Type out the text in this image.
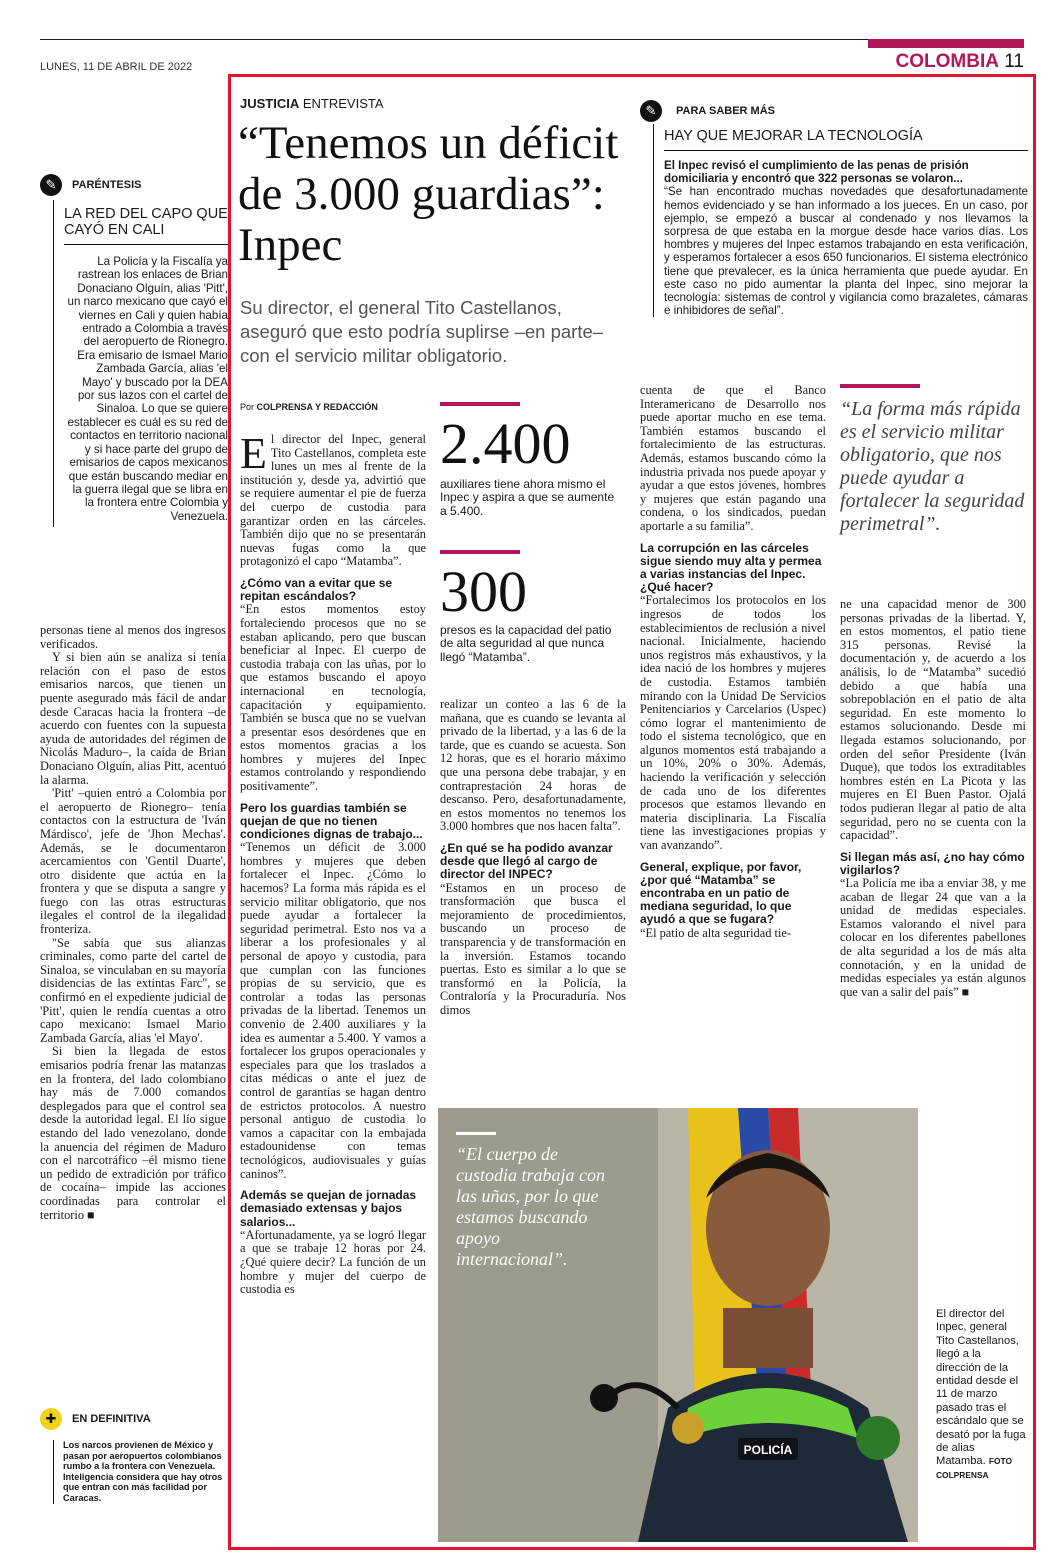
LUNES, 11 DE ABRIL DE 2022	COLOMBIA 11
✎	PARÉNTESIS
LA RED DEL CAPO QUE CAYÓ EN CALI
La Policía y la Fiscalía ya rastrean los enlaces de Brian Donaciano Olguín, alias 'Pitt', un narco mexicano que cayó el viernes en Cali y quien había entrado a Colombia a través del aeropuerto de Rionegro. Era emisario de Ismael Mario Zambada García, alias 'el Mayo' y buscado por la DEA por sus lazos con el cartel de Sinaloa. Lo que se quiere establecer es cuál es su red de contactos en territorio nacional y si hace parte del grupo de emisarios de capos mexicanos que están buscando mediar en la guerra ilegal que se libra en la frontera entre Colombia y Venezuela.

personas tiene al menos dos ingresos verificados.

Y si bien aún se analiza si tenía relación con el paso de estos emisarios narcos, que tienen un puente asegurado más fácil de andar desde Caracas hacia la frontera –de acuerdo con fuentes con la supuesta ayuda de autoridades del régimen de Nicolás Maduro–, la caída de Brian Donaciano Olguín, alias Pitt, acentuó la alarma.

'Pitt' –quien entró a Colombia por el aeropuerto de Rionegro– tenía contactos con la estructura de 'Iván Márdisco', jefe de 'Jhon Mechas'. Además, se le documentaron acercamientos con 'Gentil Duarte', otro disidente que actúa en la frontera y que se disputa a sangre y fuego con las otras estructuras ilegales el control de la ilegalidad fronteriza.

"Se sabía que sus alianzas criminales, como parte del cartel de Sinaloa, se vinculaban en su mayoría disidencias de las extintas Farc", se confirmó en el expediente judicial de 'Pitt', quien le rendía cuentas a otro capo mexicano: Ismael Mario Zambada García, alias 'el Mayo'.

Si bien la llegada de estos emisarios podría frenar las matanzas en la frontera, del lado colombiano hay más de 7.000 comandos desplegados para que el control sea desde la autoridad legal. El lío sigue estando del lado venezolano, donde la anuencia del régimen de Maduro con el narcotráfico –él mismo tiene un pedido de extradición por tráfico de cocaína– impide las acciones coordinadas para controlar el territorio ■

✚	EN DEFINITIVA
Los narcos provienen de México y pasan por aeropuertos colombianos rumbo a la frontera con Venezuela. Inteligencia considera que hay otros que entran con más facilidad por Caracas.
JUSTICIA ENTREVISTA
“Tenemos un déficit de 3.000 guardias”: Inpec
Su director, el general Tito Castellanos, aseguró que esto podría suplirse –en parte– con el servicio militar obligatorio.
Por COLPRENSA Y REDACCIÓN
E l director del Inpec, general Tito Castellanos, completa este lunes un mes al frente de la institución y, desde ya, advirtió que se requiere aumentar el pie de fuerza del cuerpo de custodia para garantizar orden en las cárceles. También dijo que no se presentarán nuevas fugas como la que protagonizó el capo “Matamba”.

¿Cómo van a evitar que se repitan escándalos?

“En estos momentos estoy fortaleciendo procesos que no se estaban aplicando, pero que buscan beneficiar al Inpec. El cuerpo de custodia trabaja con las uñas, por lo que estamos buscando el apoyo internacional en tecnología, capacitación y equipamiento. También se busca que no se vuelvan a presentar esos desórdenes que en estos momentos gracias a los hombres y mujeres del Inpec estamos controlando y respondiendo positivamente”.

Pero los guardias también se quejan de que no tienen condiciones dignas de trabajo...

“Tenemos un déficit de 3.000 hombres y mujeres que deben fortalecer el Inpec. ¿Cómo lo hacemos? La forma más rápida es el servicio militar obligatorio, que nos puede ayudar a fortalecer la seguridad perimetral. Esto nos va a liberar a los profesionales y al personal de apoyo y custodia, para que cumplan con las funciones propias de su servicio, que es controlar a todas las personas privadas de la libertad. Tenemos un convenio de 2.400 auxiliares y la idea es aumentar a 5.400. Y vamos a fortalecer los grupos operacionales y especiales para que los traslados a citas médicas o ante el juez de control de garantías se hagan dentro de estrictos protocolos. A nuestro personal antiguo de custodia lo vamos a capacitar con la embajada estadounidense con temas tecnológicos, audiovisuales y guías caninos”.

Además se quejan de jornadas demasiado extensas y bajos salarios...

“Afortunadamente, ya se logró llegar a que se trabaje 12 horas por 24. ¿Qué quiere decir? La función de un hombre y mujer del cuerpo de custodia es

2.400
auxiliares tiene ahora mismo el Inpec y aspira a que se aumente a 5.400.
300
presos es la capacidad del patio de alta seguridad al que nunca llegó “Matamba”.

realizar un conteo a las 6 de la mañana, que es cuando se levanta al privado de la libertad, y a las 6 de la tarde, que es cuando se acuesta. Son 12 horas, que es el horario máximo que una persona debe trabajar, y en contraprestación 24 horas de descanso. Pero, desafortunadamente, en estos momentos no tenemos los 3.000 hombres que nos hacen falta”.

¿En qué se ha podido avanzar desde que llegó al cargo de director del INPEC?

“Estamos en un proceso de transformación que busca el mejoramiento de procedimientos, buscando un proceso de transparencia y de transformación en la inversión. Estamos tocando puertas. Esto es similar a lo que se transformó en la Policía, la Contraloría y la Procuraduría. Nos dimos

✎	PARA SABER MÁS
HAY QUE MEJORAR LA TECNOLOGÍA
El Inpec revisó el cumplimiento de las penas de prisión domiciliaria y encontró que 322 personas se volaron...
“Se han encontrado muchas novedades que desafortunadamente hemos evidenciado y se han informado a los jueces. En un caso, por ejemplo, se empezó a buscar al condenado y nos llevamos la sorpresa de que estaba en la morgue desde hace varios días. Los hombres y mujeres del Inpec estamos trabajando en esta verificación, y esperamos fortalecer a esos 650 funcionarios. El sistema electrónico tiene que prevalecer, es la única herramienta que puede ayudar. En este caso no pido aumentar la planta del Inpec, sino mejorar la tecnología: sistemas de control y vigilancia como brazaletes, cámaras e inhibidores de señal”.

cuenta de que el Banco Interamericano de Desarrollo nos puede aportar mucho en ese tema. También estamos buscando el fortalecimiento de las estructuras. Además, estamos buscando cómo la industria privada nos puede apoyar y ayudar a que estos jóvenes, hombres y mujeres que están pagando una condena, o los sindicados, puedan aportarle a su familia”.

La corrupción en las cárceles sigue siendo muy alta y permea a varias instancias del Inpec. ¿Qué hacer?

“Fortalecimos los protocolos en los ingresos de todos los establecimientos de reclusión a nivel nacional. Inicialmente, haciendo unos registros más exhaustivos, y la idea nació de los hombres y mujeres de custodia. Estamos también mirando con la Unidad De Servicios Penitenciarios y Carcelarios (Uspec) cómo lograr el mantenimiento de todo el sistema tecnológico, que en algunos momentos está trabajando a un 10%, 20% o 30%. Además, haciendo la verificación y selección de cada uno de los diferentes procesos que estamos llevando en materia disciplinaria. La Fiscalía tiene las investigaciones propias y van avanzando”.

General, explique, por favor, ¿por qué “Matamba” se encontraba en un patio de mediana seguridad, lo que ayudó a que se fugara?

“El patio de alta seguridad tie-

“La forma más rápida es el servicio militar obligatorio, que nos puede ayudar a fortalecer la seguridad perimetral”.

ne una capacidad menor de 300 personas privadas de la libertad. Y, en estos momentos, el patio tiene 315 personas. Revisé la documentación y, de acuerdo a los análisis, lo de “Matamba” sucedió debido a que había una sobrepoblación en el patio de alta seguridad. En este momento lo estamos solucionando. Desde mi llegada estamos solucionando, por orden del señor Presidente (Iván Duque), que todos los extraditables hombres estén en La Picota y las mujeres en El Buen Pastor. Ojalá todos pudieran llegar al patio de alta seguridad, pero no se cuenta con la capacidad”.

Si llegan más así, ¿no hay cómo vigilarlos?

“La Policía me iba a enviar 38, y me acaban de llegar 24 que van a la unidad de medidas especiales. Estamos valorando el nivel para colocar en los diferentes pabellones de alta seguridad a los de más alta connotación, y en la unidad de medidas especiales ya están algunos que van a salir del país” ■

POLICÍA
“El cuerpo de custodia trabaja con las uñas, por lo que estamos buscando apoyo internacional”.
El director del Inpec, general Tito Castellanos, llegó a la dirección de la entidad desde el 11 de marzo pasado tras el escándalo que se desató por la fuga de alias Matamba. FOTO COLPRENSA
